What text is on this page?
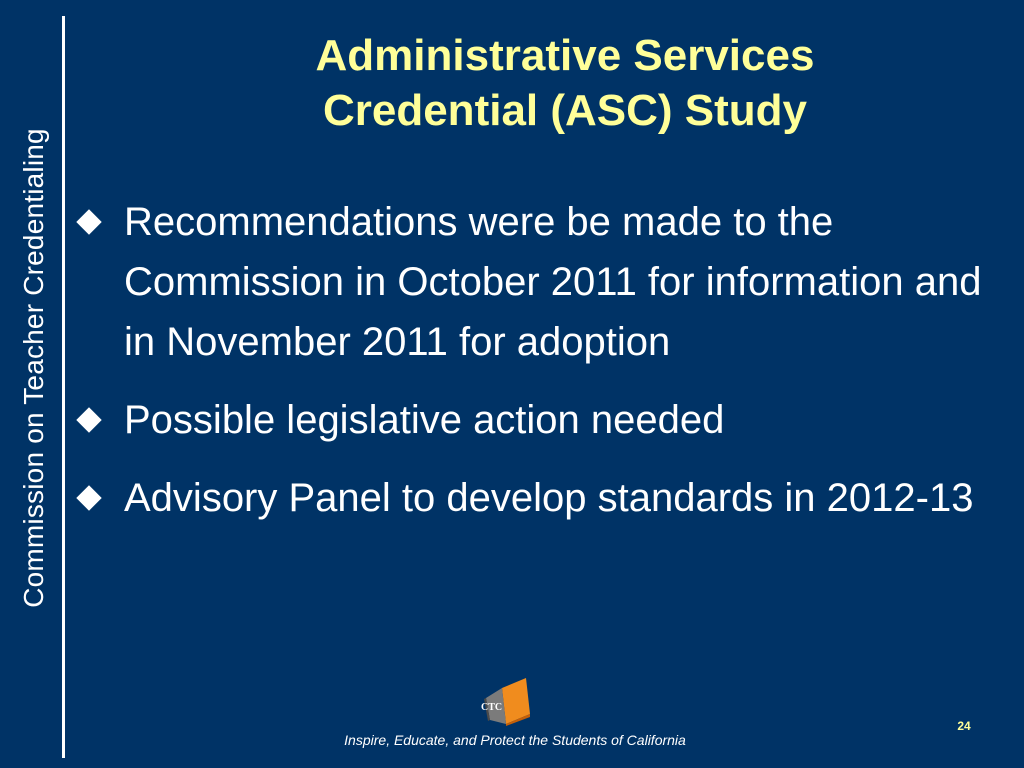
Commission on Teacher Credentialing
Administrative Services
Credential (ASC) Study
Recommendations were be made to the Commission in October 2011 for information and in November 2011 for adoption
Possible legislative action needed
Advisory Panel to develop standards in 2012-13
CTC
Inspire, Educate, and Protect the Students of California
24
